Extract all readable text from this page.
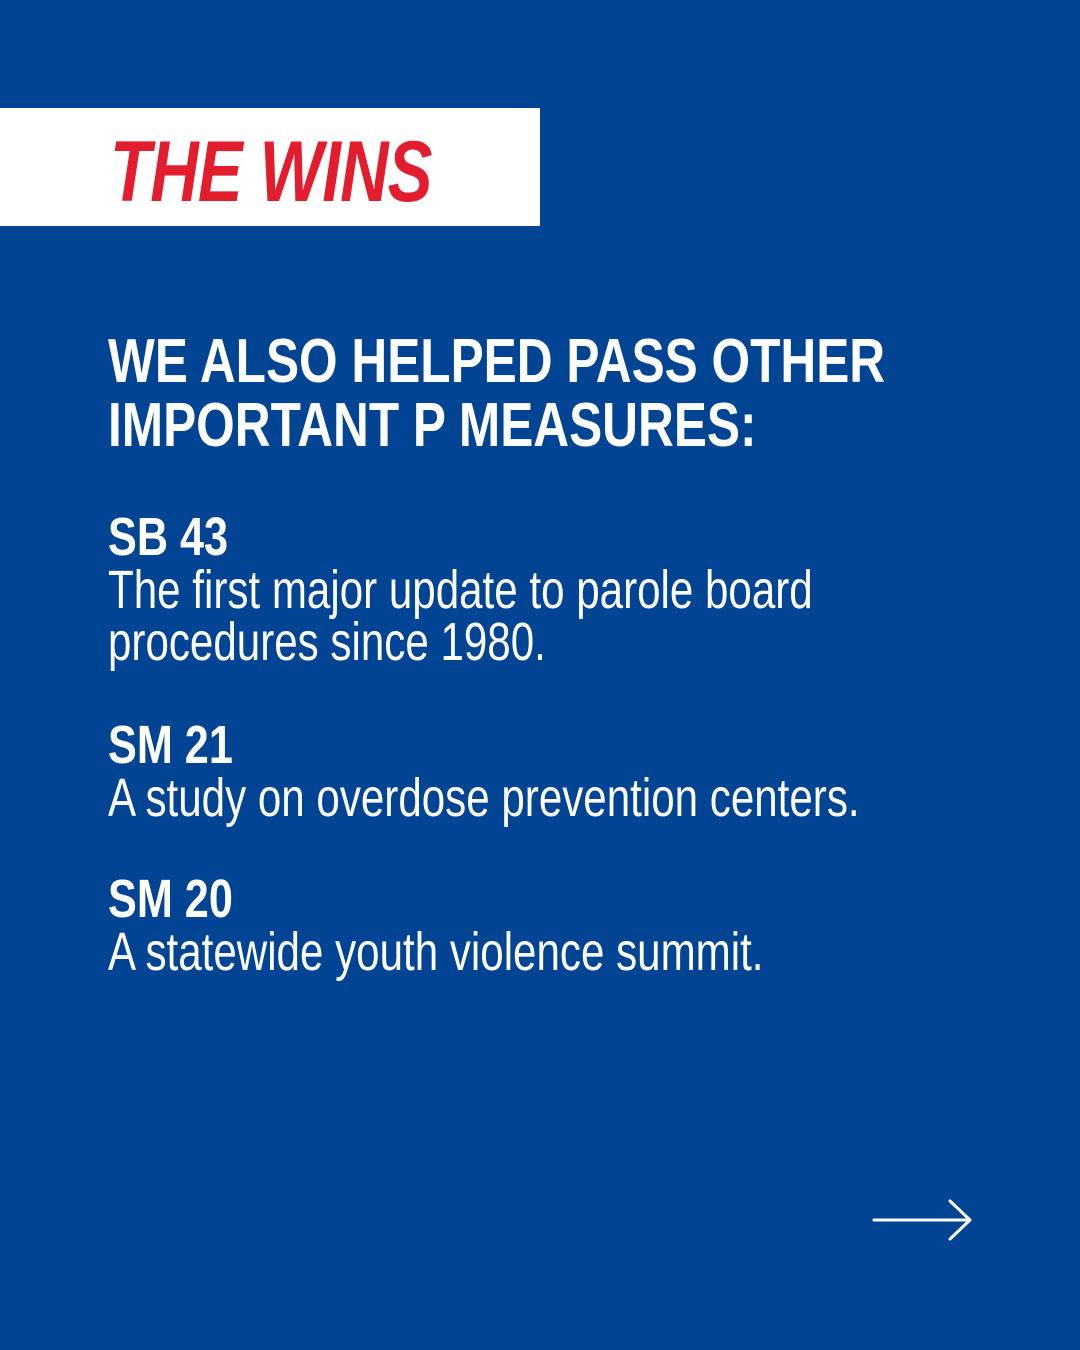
THE WINS
WE ALSO HELPED PASS OTHER
IMPORTANT P MEASURES:
SB 43
The first major update to parole board
procedures since 1980.
SM 21
A study on overdose prevention centers.
SM 20
A statewide youth violence summit.
